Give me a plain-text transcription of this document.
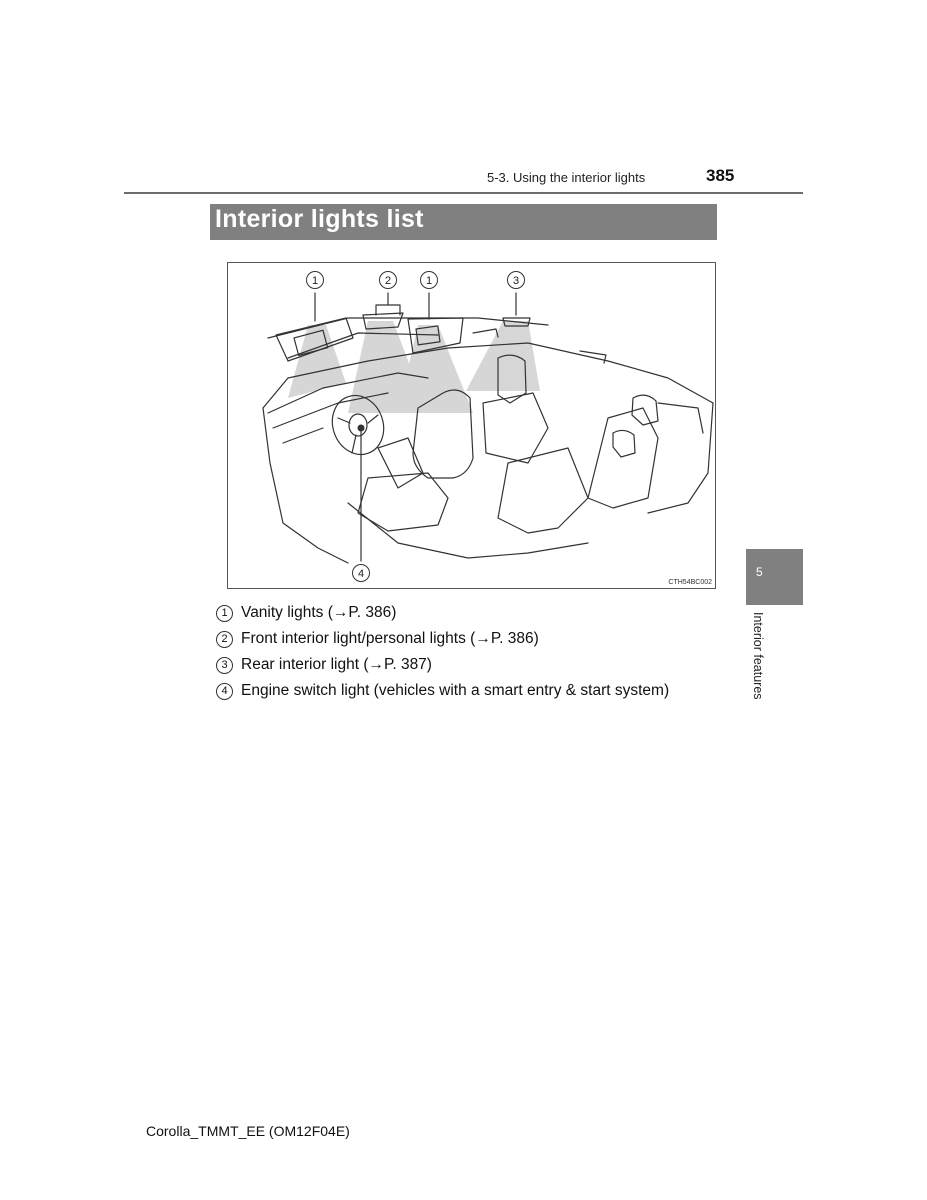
5-3. Using the interior lights	385
Interior lights list
1	2	1	3
4
CTH54BC002
1 Vanity lights (→P. 386)
2 Front interior light/personal lights (→P. 386)
3 Rear interior light (→P. 387)
4 Engine switch light (vehicles with a smart entry & start system)
5
Interior features
Corolla_TMMT_EE (OM12F04E)
